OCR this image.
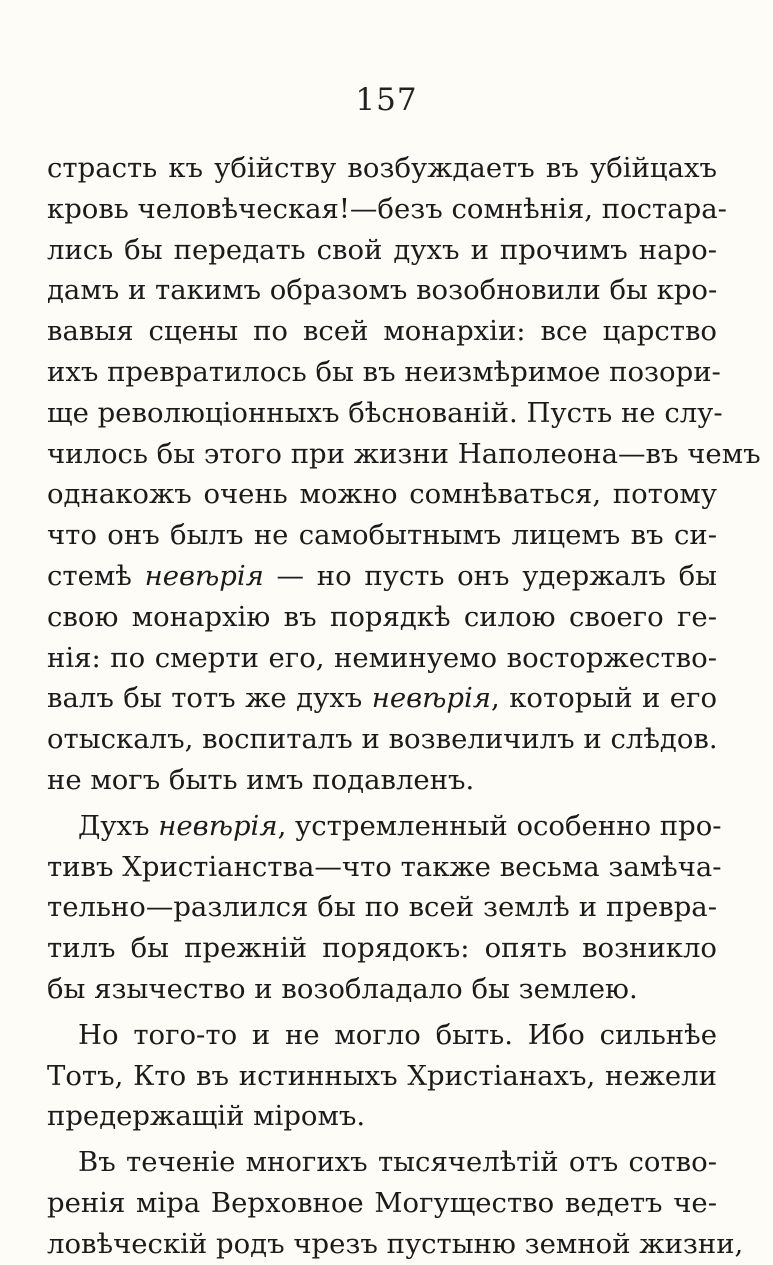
157
страсть къ убійству возбуждаетъ въ убійцахъ
кровь человѣческая!—безъ сомнѣнія, постара-
лись бы передать свой духъ и прочимъ наро-
дамъ и такимъ образомъ возобновили бы кро-
вавыя сцены по всей монархіи: все царство
ихъ превратилось бы въ неизмѣримое позори-
ще революціонныхъ бѣснованій. Пусть не слу-
чилось бы этого при жизни Наполеона—въ чемъ
однакожъ очень можно сомнѣваться, потому
что онъ былъ не самобытнымъ лицемъ въ си-
стемѣ невѣрія — но пусть онъ удержалъ бы
свою монархію въ порядкѣ силою своего ге-
нія: по смерти его, неминуемо восторжество-
валъ бы тотъ же духъ невѣрія, который и его
отыскалъ, воспиталъ и возвеличилъ и слѣдов.
не могъ быть имъ подавленъ.
Духъ невѣрія, устремленный особенно про-
тивъ Христіанства—что также весьма замѣча-
тельно—разлился бы по всей землѣ и превра-
тилъ бы прежній порядокъ: опять возникло
бы язычество и возобладало бы землею.
Но того-то и не могло быть. Ибо сильнѣе
Тотъ, Кто въ истинныхъ Христіанахъ, нежели
предержащій міромъ.
Въ теченіе многихъ тысячелѣтій отъ сотво-
ренія міра Верховное Могущество ведетъ че-
ловѣческій родъ чрезъ пустыню земной жизни,
